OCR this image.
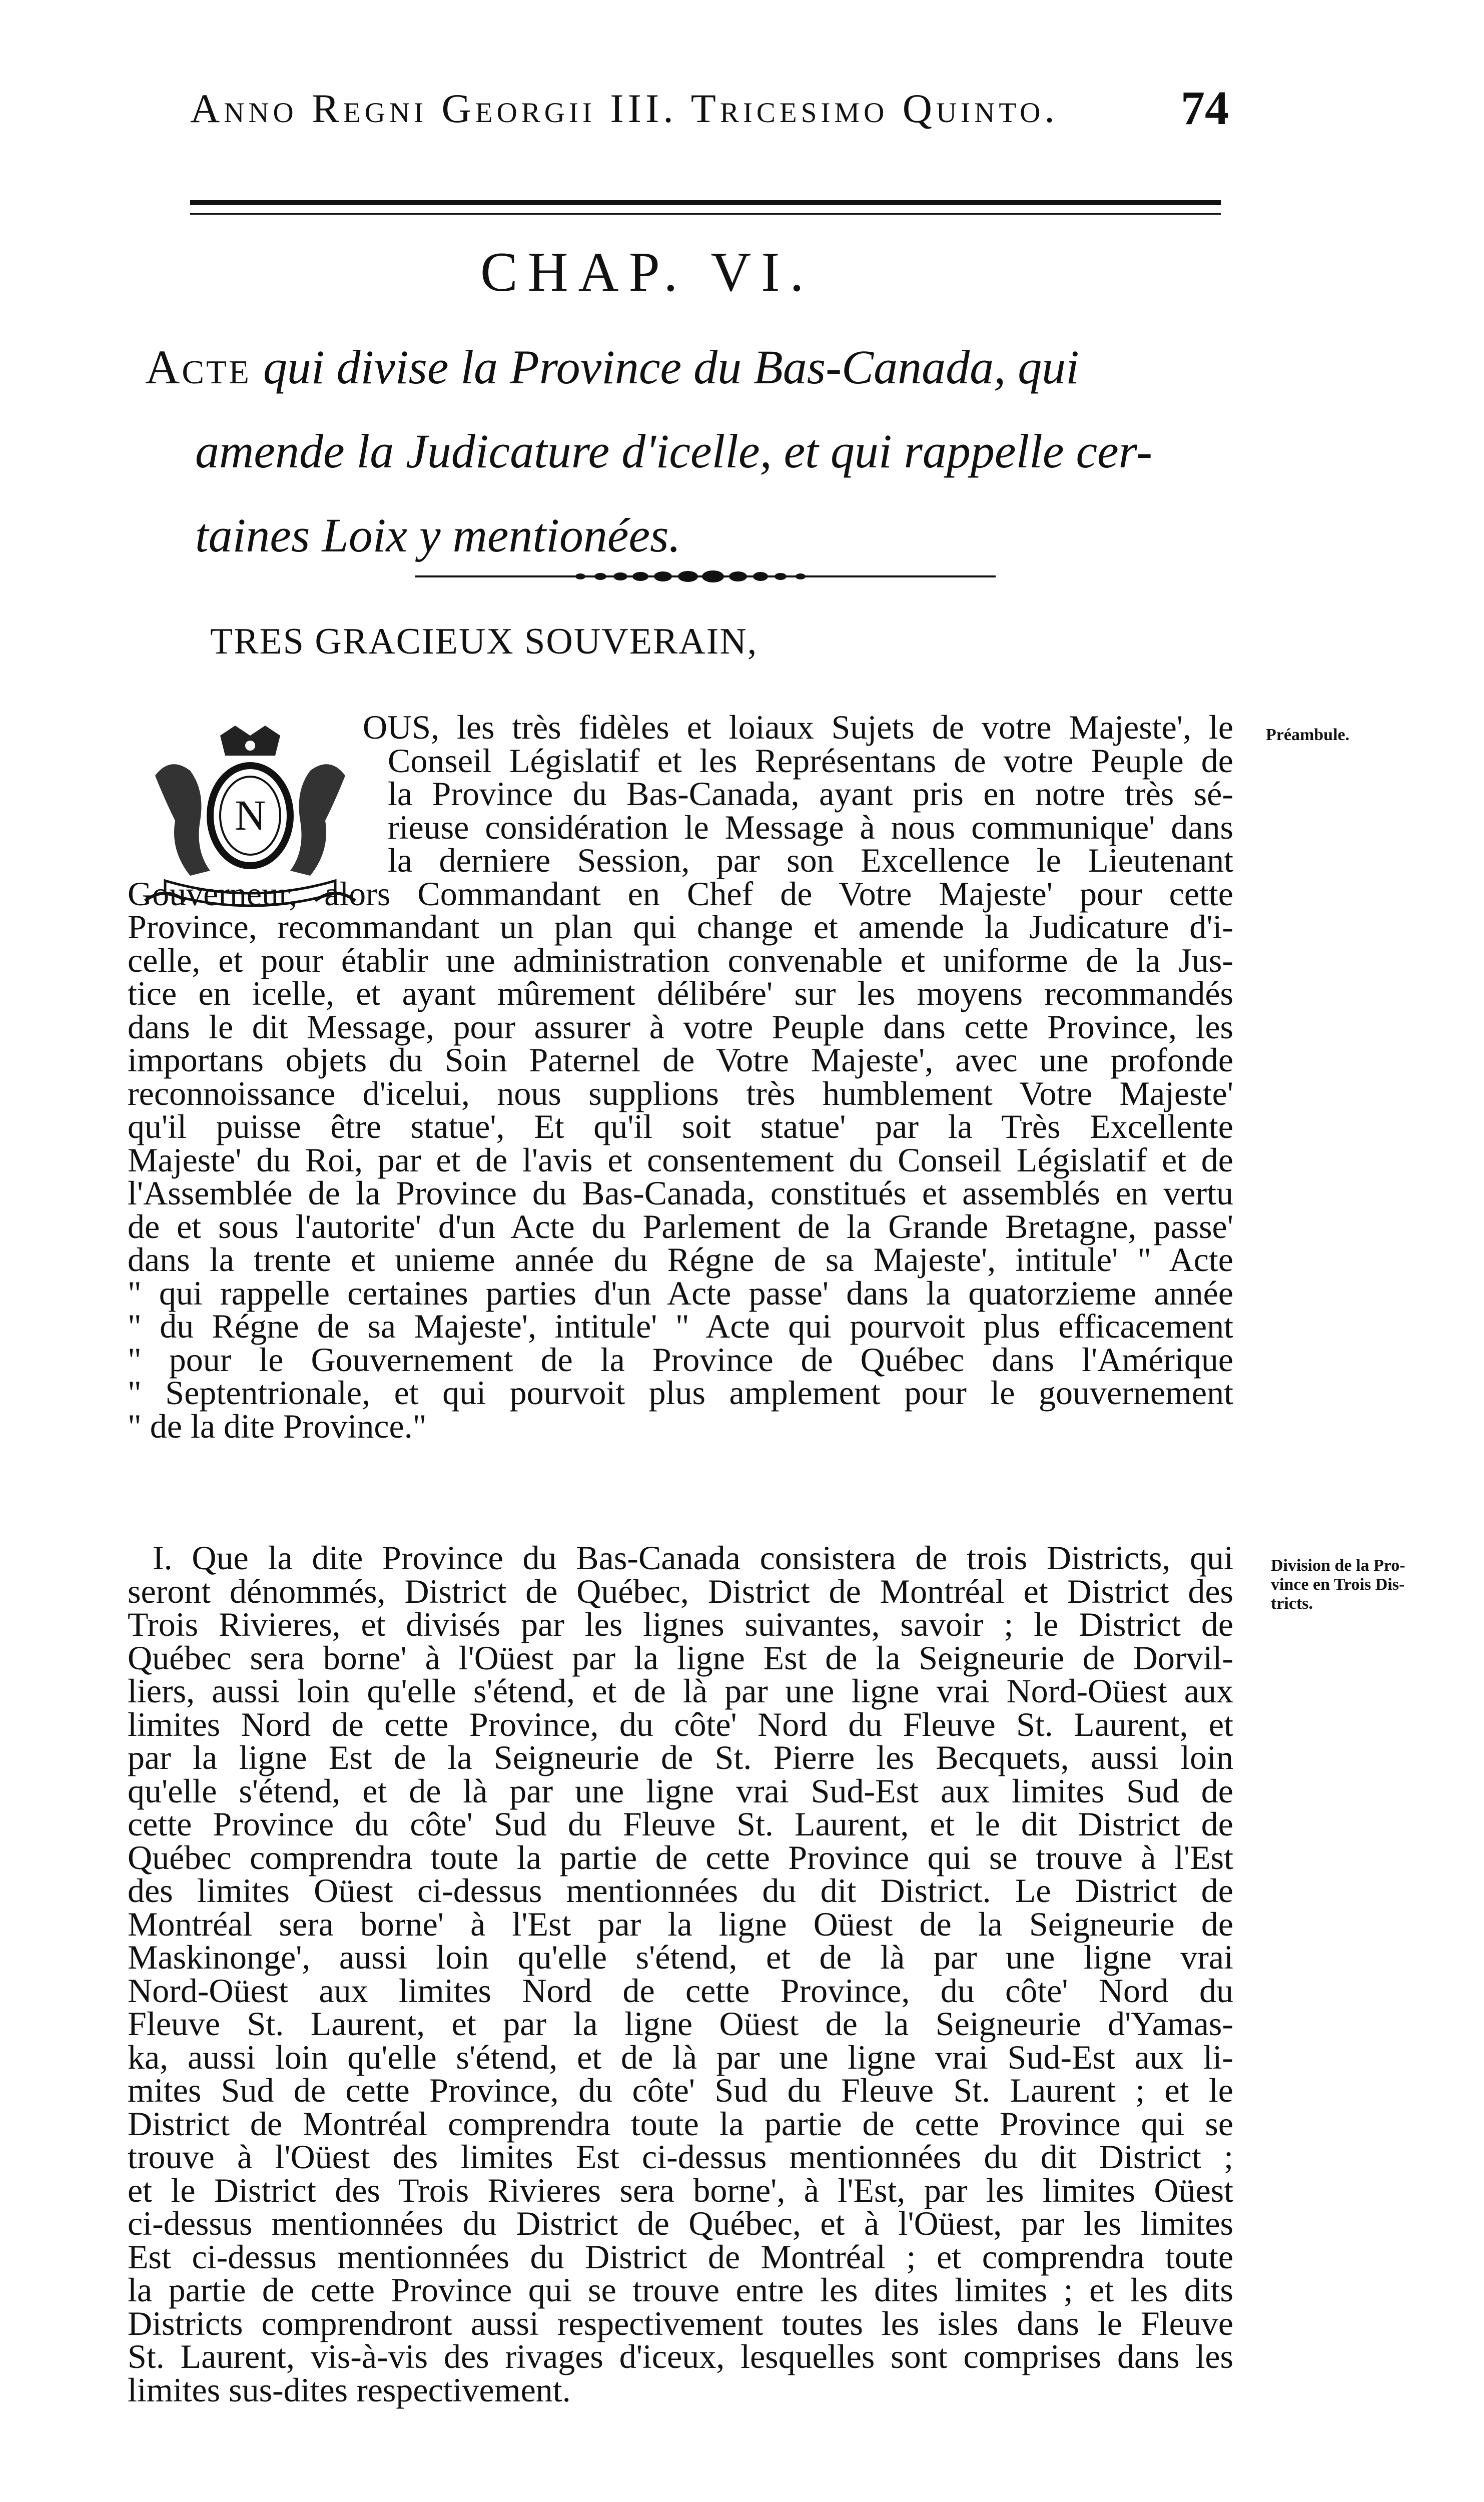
Anno Regni Georgii III. Tricesimo Quinto.	74
CHAP. VI.
Acte qui divise la Province du Bas-Canada, qui
amende la Judicature d'icelle, et qui rappelle cer-
taines Loix y mentionées.
TRES GRACIEUX SOUVERAIN,
N
Préambule.
OUS, les très fidèles et loiaux Sujets de votre Majeste', le
Conseil Législatif et les Représentans de votre Peuple de
la Province du Bas-Canada, ayant pris en notre très sé-
rieuse considération le Message à nous communique' dans
la derniere Session, par son Excellence le Lieutenant
Gouverneur, alors Commandant en Chef de Votre Majeste' pour cette
Province, recommandant un plan qui change et amende la Judicature d'i-
celle, et pour établir une administration convenable et uniforme de la Jus-
tice en icelle, et ayant mûrement délibére' sur les moyens recommandés
dans le dit Message, pour assurer à votre Peuple dans cette Province, les
importans objets du Soin Paternel de Votre Majeste', avec une profonde
reconnoissance d'icelui, nous supplions très humblement Votre Majeste'
qu'il puisse être statue', Et qu'il soit statue' par la Très Excellente
Majeste' du Roi, par et de l'avis et consentement du Conseil Législatif et de
l'Assemblée de la Province du Bas-Canada, constitués et assemblés en vertu
de et sous l'autorite' d'un Acte du Parlement de la Grande Bretagne, passe'
dans la trente et unieme année du Régne de sa Majeste', intitule' " Acte
" qui rappelle certaines parties d'un Acte passe' dans la quatorzieme année
" du Régne de sa Majeste', intitule' " Acte qui pourvoit plus efficacement
" pour le Gouvernement de la Province de Québec dans l'Amérique
" Septentrionale, et qui pourvoit plus amplement pour le gouvernement
" de la dite Province."
Division de la Pro-
vince en Trois Dis-
tricts.
I. Que la dite Province du Bas-Canada consistera de trois Districts, qui
seront dénommés, District de Québec, District de Montréal et District des
Trois Rivieres, et divisés par les lignes suivantes, savoir ; le District de
Québec sera borne' à l'Oüest par la ligne Est de la Seigneurie de Dorvil-
liers, aussi loin qu'elle s'étend, et de là par une ligne vrai Nord-Oüest aux
limites Nord de cette Province, du côte' Nord du Fleuve St. Laurent, et
par la ligne Est de la Seigneurie de St. Pierre les Becquets, aussi loin
qu'elle s'étend, et de là par une ligne vrai Sud-Est aux limites Sud de
cette Province du côte' Sud du Fleuve St. Laurent, et le dit District de
Québec comprendra toute la partie de cette Province qui se trouve à l'Est
des limites Oüest ci-dessus mentionnées du dit District. Le District de
Montréal sera borne' à l'Est par la ligne Oüest de la Seigneurie de
Maskinonge', aussi loin qu'elle s'étend, et de là par une ligne vrai
Nord-Oüest aux limites Nord de cette Province, du côte' Nord du
Fleuve St. Laurent, et par la ligne Oüest de la Seigneurie d'Yamas-
ka, aussi loin qu'elle s'étend, et de là par une ligne vrai Sud-Est aux li-
mites Sud de cette Province, du côte' Sud du Fleuve St. Laurent ; et le
District de Montréal comprendra toute la partie de cette Province qui se
trouve à l'Oüest des limites Est ci-dessus mentionnées du dit District ;
et le District des Trois Rivieres sera borne', à l'Est, par les limites Oüest
ci-dessus mentionnées du District de Québec, et à l'Oüest, par les limites
Est ci-dessus mentionnées du District de Montréal ; et comprendra toute
la partie de cette Province qui se trouve entre les dites limites ; et les dits
Districts comprendront aussi respectivement toutes les isles dans le Fleuve
St. Laurent, vis-à-vis des rivages d'iceux, lesquelles sont comprises dans les
limites sus-dites respectivement.
